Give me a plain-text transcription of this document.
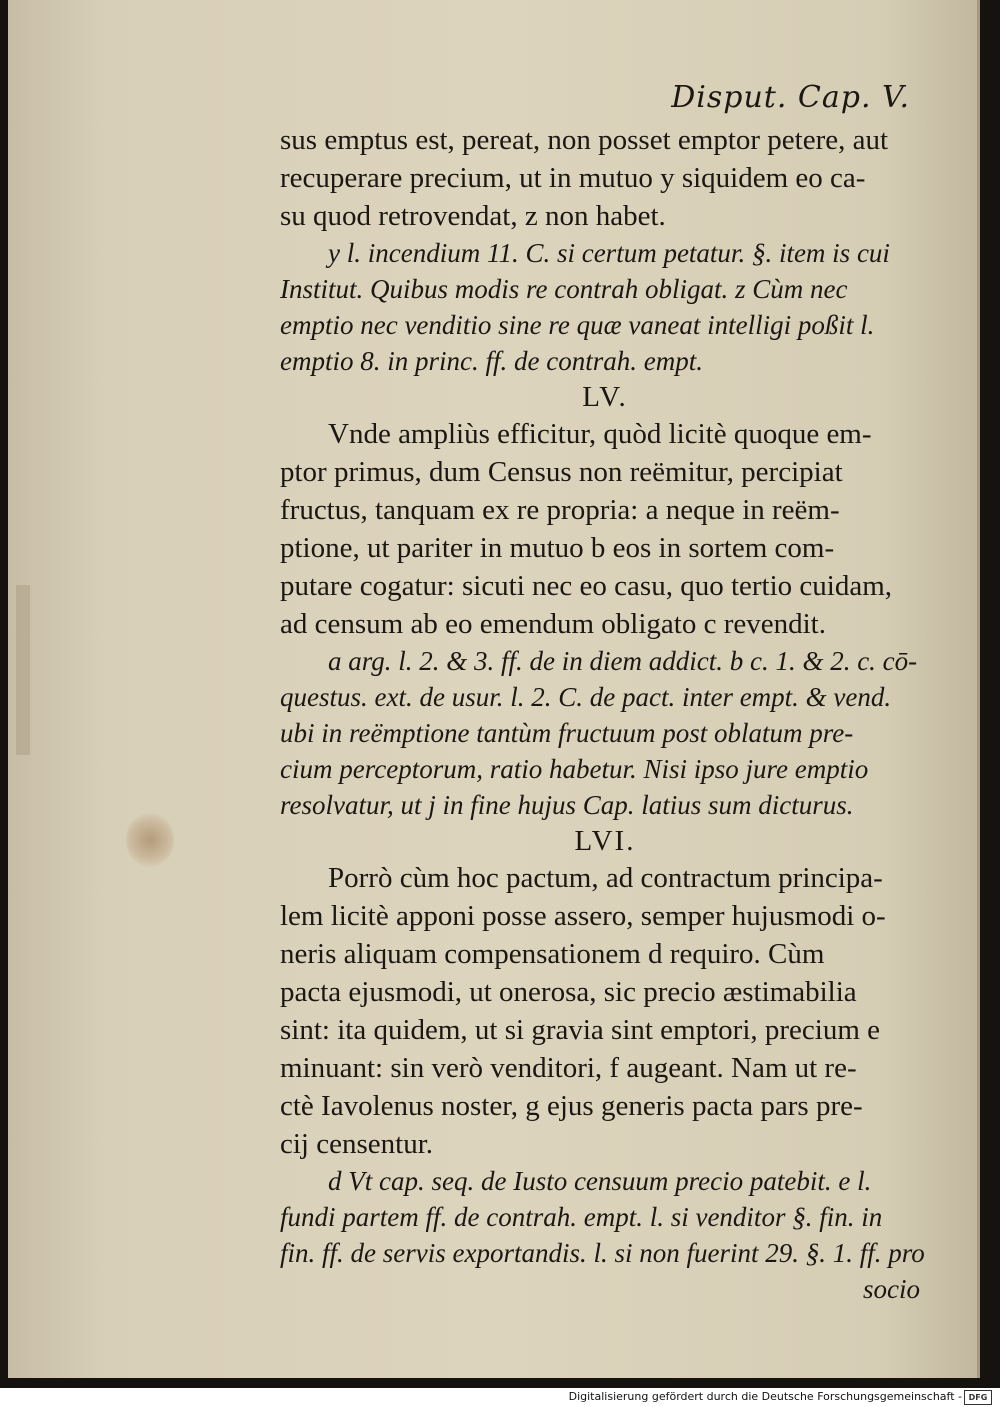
Disput. Cap. V.

sus emptus est, pereat, non posset emptor petere, aut

recuperare precium, ut in mutuo y siquidem eo ca-

su quod retrovendat, z non habet.

y l. incendium 11. C. si certum petatur. §. item is cui

Institut. Quibus modis re contrah obligat. z Cùm nec

emptio nec venditio sine re quæ vaneat intelligi poßit l.

emptio 8. in princ. ff. de contrah. empt.

LV.

Vnde ampliùs efficitur, quòd licitè quoque em-

ptor primus, dum Census non reëmitur, percipiat

fructus, tanquam ex re propria: a neque in reëm-

ptione, ut pariter in mutuo b eos in sortem com-

putare cogatur: sicuti nec eo casu, quo tertio cuidam,

ad censum ab eo emendum obligato c revendit.

a arg. l. 2. & 3. ff. de in diem addict. b c. 1. & 2. c. cō-

questus. ext. de usur. l. 2. C. de pact. inter empt. & vend.

ubi in reëmptione tantùm fructuum post oblatum pre-

cium perceptorum, ratio habetur. Nisi ipso jure emptio

resolvatur, ut j in fine hujus Cap. latius sum dicturus.

LVI.

Porrò cùm hoc pactum, ad contractum principa-

lem licitè apponi posse assero, semper hujusmodi o-

neris aliquam compensationem d requiro. Cùm

pacta ejusmodi, ut onerosa, sic precio æstimabilia

sint: ita quidem, ut si gravia sint emptori, precium e

minuant: sin verò venditori, f augeant. Nam ut re-

ctè Iavolenus noster, g ejus generis pacta pars pre-

cij censentur.

d Vt cap. seq. de Iusto censuum precio patebit. e l.

fundi partem ff. de contrah. empt. l. si venditor §. fin. in

fin. ff. de servis exportandis. l. si non fuerint 29. §. 1. ff. pro

socio

Digitalisierung gefördert durch die Deutsche Forschungsgemeinschaft - DFG
